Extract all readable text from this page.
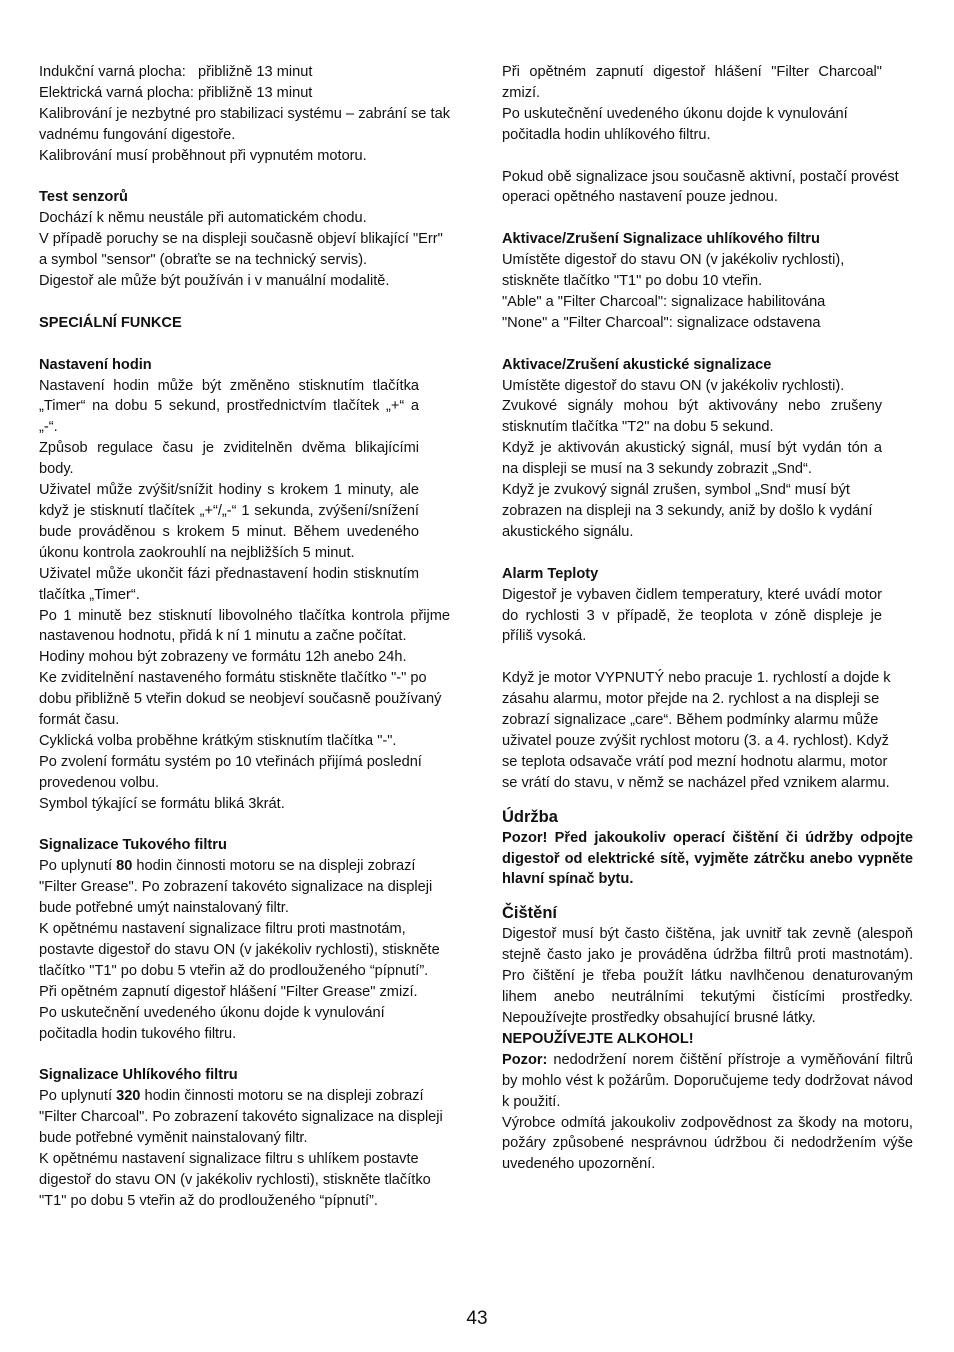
Indukční varná plocha:   přibližně 13 minut

Elektrická varná plocha: přibližně 13 minut

Kalibrování je nezbytné pro stabilizaci systému – zabrání se tak vadnému fungování digestoře.

Kalibrování musí proběhnout při vypnutém motoru.

Test senzorů

Dochází k němu neustále při automatickém chodu.

V případě poruchy se na displeji současně objeví blikající "Err" a symbol "sensor" (obraťte se na technický servis).

Digestoř ale může být používán i v manuální modalitě.

SPECIÁLNÍ FUNKCE

Nastavení hodin

Nastavení hodin může být změněno stisknutím tlačítka „Timer“ na dobu 5 sekund, prostřednictvím tlačítek „+“ a „-“.

Způsob regulace času je zviditelněn dvěma blikajícími body.

Uživatel může zvýšit/snížit hodiny s krokem 1 minuty, ale když je stisknutí tlačítek „+“/„-“ 1 sekunda, zvýšení/snížení bude prováděnou s krokem 5 minut. Během uvedeného úkonu kontrola zaokrouhlí na nejbližších 5 minut.

Uživatel může ukončit fázi přednastavení hodin stisknutím tlačítka „Timer“.

Po 1 minutě bez stisknutí libovolného tlačítka kontrola přijme nastavenou hodnotu, přidá k ní 1 minutu a začne počítat.

Hodiny mohou být zobrazeny ve formátu 12h anebo 24h.

Ke zviditelnění nastaveného formátu stiskněte tlačítko "-" po dobu přibližně 5 vteřin dokud se neobjeví současně používaný formát času.

Cyklická volba proběhne krátkým stisknutím tlačítka "-".

Po zvolení formátu systém po 10 vteřinách přijímá poslední provedenou volbu.

Symbol týkající se formátu bliká 3krát.

Signalizace Tukového filtru

Po uplynutí 80 hodin činnosti motoru se na displeji zobrazí "Filter Grease". Po zobrazení takovéto signalizace na displeji bude potřebné umýt nainstalovaný filtr.

K opětnému nastavení signalizace filtru proti mastnotám, postavte digestoř do stavu ON (v jakékoliv rychlosti), stiskněte tlačítko "T1" po dobu 5 vteřin až do prodlouženého “pípnutí”.

Při opětném zapnutí digestoř hlášení "Filter Grease" zmizí.

Po uskutečnění uvedeného úkonu dojde k vynulování počitadla hodin tukového filtru.

Signalizace Uhlíkového filtru

Po uplynutí 320 hodin činnosti motoru se na displeji zobrazí "Filter Charcoal". Po zobrazení takovéto signalizace na displeji bude potřebné vyměnit nainstalovaný filtr.

K opětnému nastavení signalizace filtru s uhlíkem postavte digestoř do stavu ON (v jakékoliv rychlosti), stiskněte tlačítko "T1" po dobu 5 vteřin až do prodlouženého “pípnutí”.

Při opětném zapnutí digestoř hlášení "Filter Charcoal" zmizí.

Po uskutečnění uvedeného úkonu dojde k vynulování počitadla hodin uhlíkového filtru.

Pokud obě signalizace jsou současně aktivní, postačí provést operaci opětného nastavení pouze jednou.

Aktivace/Zrušení Signalizace uhlíkového filtru

Umístěte digestoř do stavu ON (v jakékoliv rychlosti), stiskněte tlačítko "T1" po dobu 10 vteřin.

"Able" a "Filter Charcoal": signalizace habilitována

"None" a "Filter Charcoal": signalizace odstavena

Aktivace/Zrušení akustické signalizace

Umístěte digestoř do stavu ON (v jakékoliv rychlosti).

Zvukové signály mohou být aktivovány nebo zrušeny stisknutím tlačítka "T2" na dobu 5 sekund.

Když je aktivován akustický signál, musí být vydán tón a na displeji se musí na 3 sekundy zobrazit „Snd“.

Když je zvukový signál zrušen, symbol „Snd“ musí být zobrazen na displeji na 3 sekundy, aniž by došlo k vydání akustického signálu.

Alarm Teploty

Digestoř je vybaven čidlem temperatury, které uvádí motor do rychlosti 3 v případě, že teoplota v zóně displeje je příliš vysoká.

Když je motor VYPNUTÝ nebo pracuje 1. rychlostí a dojde k zásahu alarmu, motor přejde na 2. rychlost a na displeji se zobrazí signalizace „care“. Během podmínky alarmu může uživatel pouze zvýšit rychlost motoru (3. a 4. rychlost). Když se teplota odsavače vrátí pod mezní hodnotu alarmu, motor se vrátí do stavu, v němž se nacházel před vznikem alarmu.

Údržba

Pozor! Před jakoukoliv operací čištění či údržby odpojte digestoř od elektrické sítě, vyjměte zátrčku anebo vypněte hlavní spínač bytu.

Čištění

Digestoř musí být často čištěna, jak uvnitř tak zevně (alespoň stejně často jako je prováděna údržba filtrů proti mastnotám). Pro čištění je třeba použít látku navlhčenou denaturovaným lihem anebo neutrálními tekutými čistícími prostředky. Nepoužívejte prostředky obsahující brusné látky.

NEPOUŽÍVEJTE ALKOHOL!

Pozor: nedodržení norem čištění přístroje a vyměňování filtrů by mohlo vést k požárům. Doporučujeme tedy dodržovat návod k použití.

Výrobce odmítá jakoukoliv zodpovědnost za škody na motoru, požáry způsobené nesprávnou údržbou či nedodržením výše uvedeného upozornění.

43
